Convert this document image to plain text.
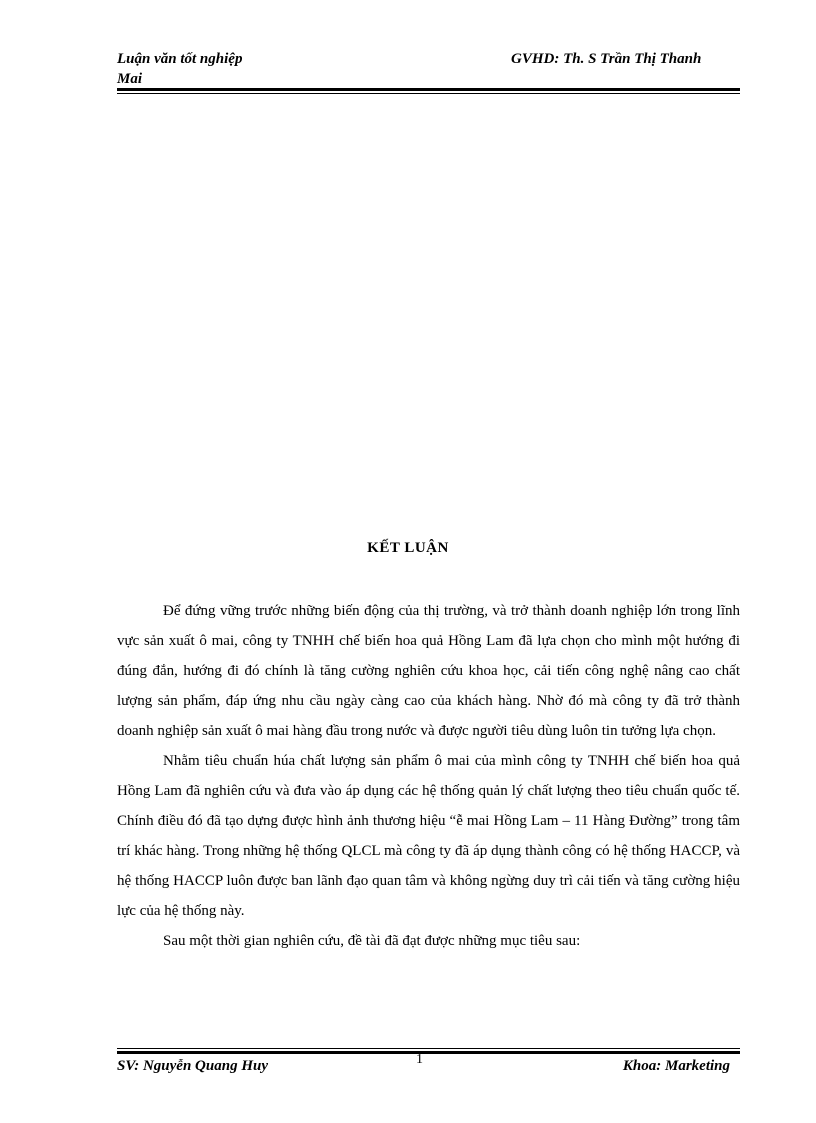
Luận văn tốt nghiệp
Mai
GVHD: Th. S Trần Thị Thanh
KẾT LUẬN

Để đứng vững trước những biến động của thị trường, và trở thành doanh nghiệp lớn trong lĩnh vực sản xuất ô mai, công ty TNHH chế biến hoa quả Hồng Lam đã lựa chọn cho mình một hướng đi đúng đắn, hướng đi đó chính là tăng cường nghiên cứu khoa học, cải tiến công nghệ nâng cao chất lượng sản phẩm, đáp ứng nhu cầu ngày càng cao của khách hàng. Nhờ đó mà công ty đã trở thành doanh nghiệp sản xuất ô mai hàng đầu trong nước và được người tiêu dùng luôn tin tưởng lựa chọn.

Nhằm tiêu chuẩn húa chất lượng sản phẩm ô mai của mình công ty TNHH chế biến hoa quả Hồng Lam đã nghiên cứu và đưa vào áp dụng các hệ thống quản lý chất lượng theo tiêu chuẩn quốc tế. Chính điều đó đã tạo dựng được hình ảnh thương hiệu “ễ mai Hồng Lam – 11 Hàng Đường” trong tâm trí khác hàng. Trong những hệ thống QLCL mà công ty đã áp dụng thành công có hệ thống HACCP, và hệ thống HACCP luôn được ban lãnh đạo quan tâm và không ngừng duy trì cải tiến và tăng cường hiệu lực của hệ thống này.

Sau một thời gian nghiên cứu, đề tài đã đạt được những mục tiêu sau:

SV: Nguyễn Quang Huy	1	Khoa: Marketing
